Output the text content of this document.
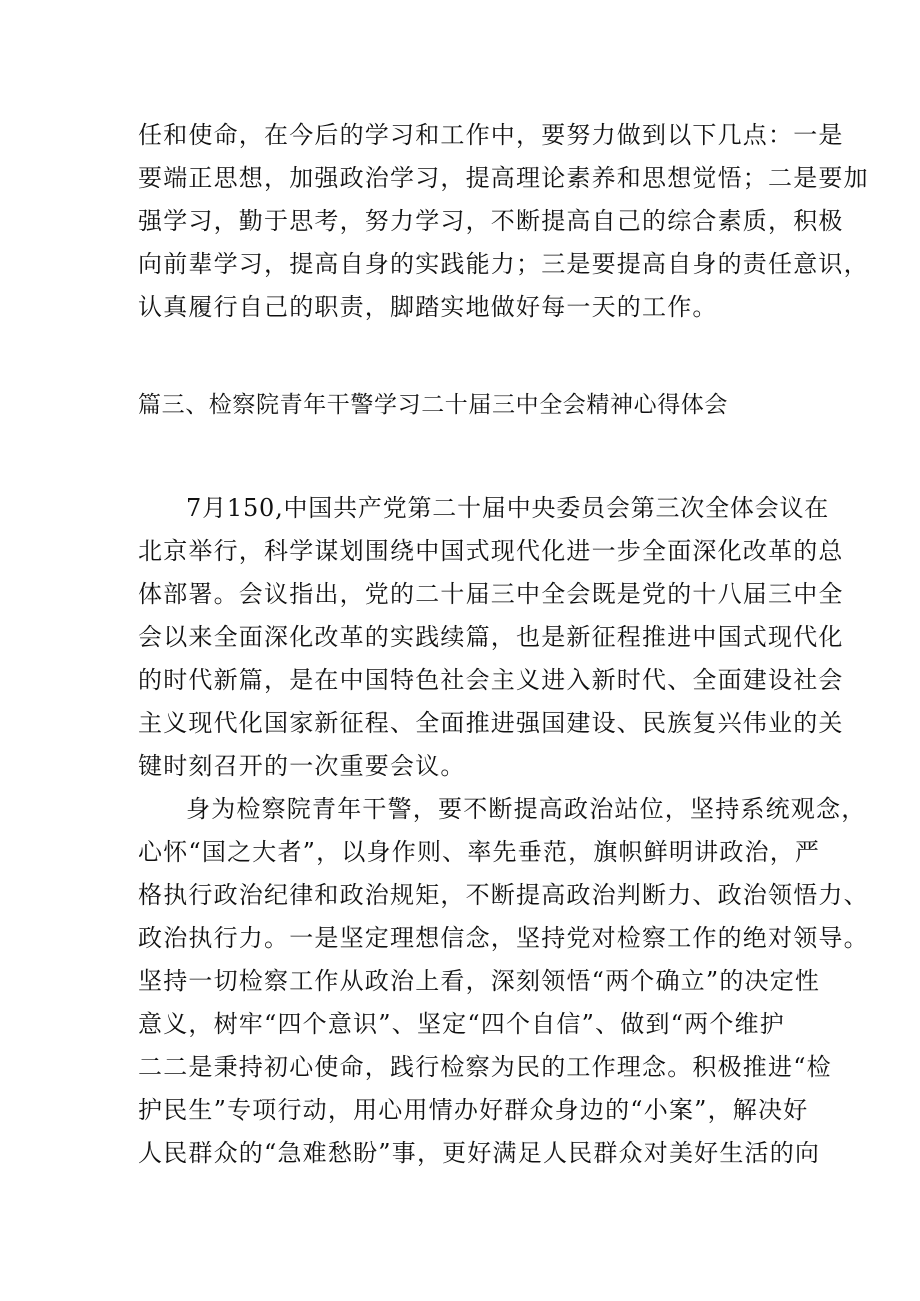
任和使命，在今后的学习和工作中，要努力做到以下几点：一是
要端正思想，加强政治学习，提高理论素养和思想觉悟；二是要加
强学习，勤于思考，努力学习，不断提高自己的综合素质，积极
向前辈学习，提高自身的实践能力；三是要提高自身的责任意识，
认真履行自己的职责，脚踏实地做好每一天的工作。
篇三、检察院青年干警学习二十届三中全会精神心得体会
7月150,中国共产党第二十届中央委员会第三次全体会议在
北京举行，科学谋划围绕中国式现代化进一步全面深化改革的总
体部署。会议指出，党的二十届三中全会既是党的十八届三中全
会以来全面深化改革的实践续篇，也是新征程推进中国式现代化
的时代新篇，是在中国特色社会主义进入新时代、全面建设社会
主义现代化国家新征程、全面推进强国建设、民族复兴伟业的关
键时刻召开的一次重要会议。
身为检察院青年干警，要不断提高政治站位，坚持系统观念，
心怀“国之大者”，以身作则、率先垂范，旗帜鲜明讲政治，严
格执行政治纪律和政治规矩，不断提高政治判断力、政治领悟力、
政治执行力。一是坚定理想信念，坚持党对检察工作的绝对领导。
坚持一切检察工作从政治上看，深刻领悟“两个确立”的决定性
意义，树牢“四个意识”、坚定“四个自信”、做到“两个维护
二二是秉持初心使命，践行检察为民的工作理念。积极推进“检
护民生”专项行动，用心用情办好群众身边的“小案”，解决好
人民群众的“急难愁盼”事，更好满足人民群众对美好生活的向
